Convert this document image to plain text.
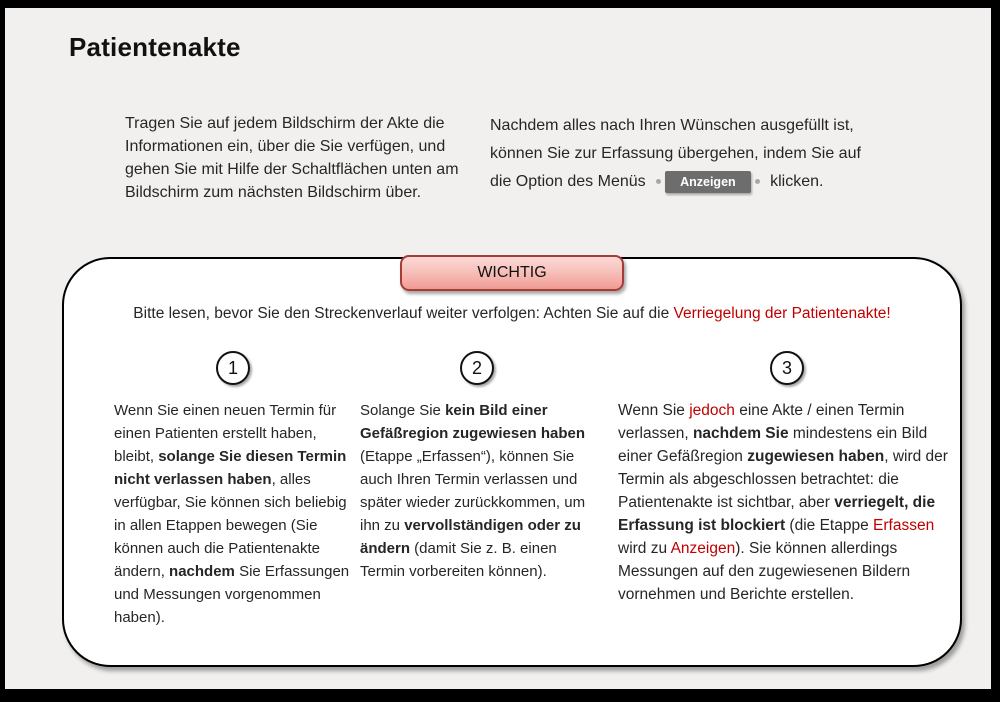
Patientenakte

Tragen Sie auf jedem Bildschirm der Akte die Informationen ein, über die Sie verfügen, und gehen Sie mit Hilfe der Schaltflächen unten am Bildschirm zum nächsten Bildschirm über.

Nachdem alles nach Ihren Wünschen ausgefüllt ist, können Sie zur Erfassung übergehen, indem Sie auf die Option des Menüs	Anzeigen	klicken.

WICHTIG
Bitte lesen, bevor Sie den Streckenverlauf weiter verfolgen: Achten Sie auf die Verriegelung der Patientenakte!
1
Wenn Sie einen neuen Termin für einen Patienten erstellt haben, bleibt, solange Sie diesen Termin nicht verlassen haben, alles verfügbar, Sie können sich beliebig in allen Etappen bewegen (Sie können auch die Patientenakte ändern, nachdem Sie Erfassungen und Messungen vorgenommen haben).
2
Solange Sie kein Bild einer Gefäßregion zugewiesen haben (Etappe „Erfassen“), können Sie auch Ihren Termin verlassen und später wieder zurückkommen, um ihn zu vervollständigen oder zu ändern (damit Sie z. B. einen Termin vorbereiten können).
3
Wenn Sie jedoch eine Akte / einen Termin verlassen, nachdem Sie mindestens ein Bild einer Gefäßregion zugewiesen haben, wird der Termin als abgeschlossen betrachtet: die Patientenakte ist sichtbar, aber verriegelt, die Erfassung ist blockiert (die Etappe Erfassen wird zu Anzeigen). Sie können allerdings Messungen auf den zugewiesenen Bildern vornehmen und Berichte erstellen.
